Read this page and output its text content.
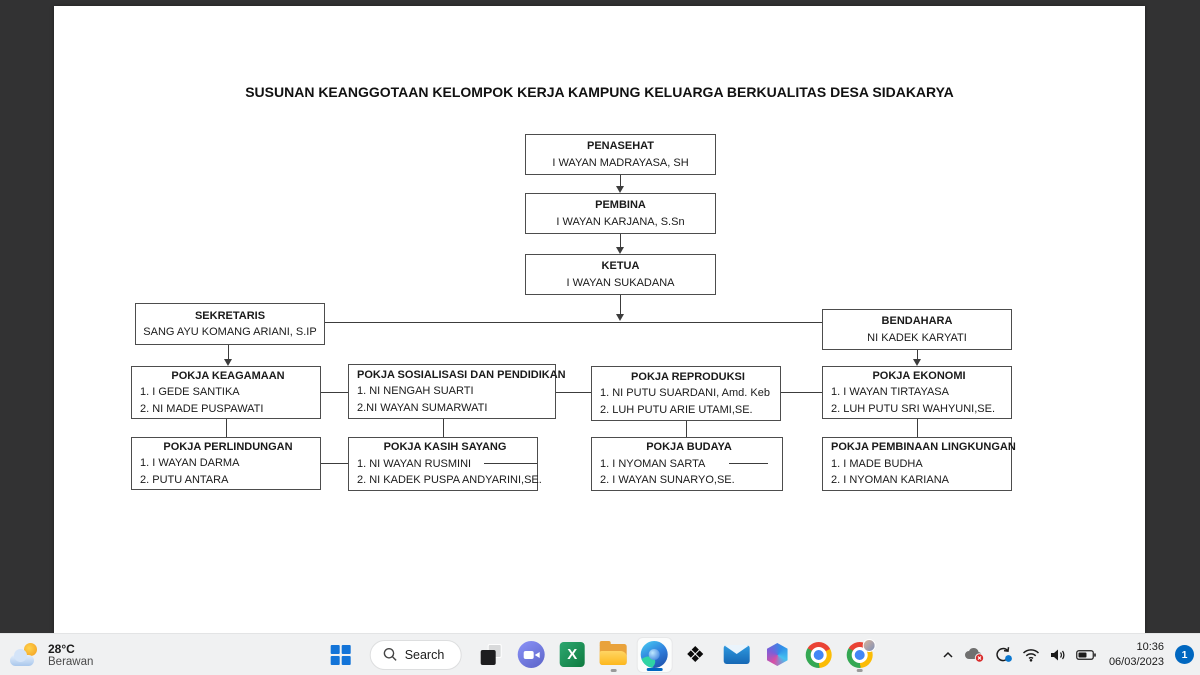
SUSUNAN KEANGGOTAAN KELOMPOK KERJA KAMPUNG KELUARGA BERKUALITAS DESA SIDAKARYA
PENASEHAT
I WAYAN MADRAYASA, SH
PEMBINA
I WAYAN KARJANA, S.Sn
KETUA
I WAYAN SUKADANA
SEKRETARIS
SANG AYU KOMANG ARIANI, S.IP
BENDAHARA
NI KADEK KARYATI
POKJA KEAGAMAAN
1. I GEDE SANTIKA
2. NI MADE PUSPAWATI
POKJA SOSIALISASI DAN PENDIDIKAN
1. NI NENGAH SUARTI
2.NI WAYAN SUMARWATI
POKJA REPRODUKSI
1. NI PUTU SUARDANI, Amd. Keb
2. LUH PUTU ARIE UTAMI,SE.
POKJA EKONOMI
1. I WAYAN TIRTAYASA
2. LUH PUTU SRI WAHYUNI,SE.
POKJA PERLINDUNGAN
1. I WAYAN DARMA
2. PUTU ANTARA
POKJA KASIH SAYANG
1. NI WAYAN RUSMINI
2. NI KADEK PUSPA ANDYARINI,SE.
POKJA BUDAYA
1. I NYOMAN SARTA
2. I WAYAN SUNARYO,SE.
POKJA PEMBINAAN LINGKUNGAN
1. I MADE BUDHA
2. I NYOMAN KARIANA
28°C
Berawan	Search	X	❖	10:36
06/03/2023
1
